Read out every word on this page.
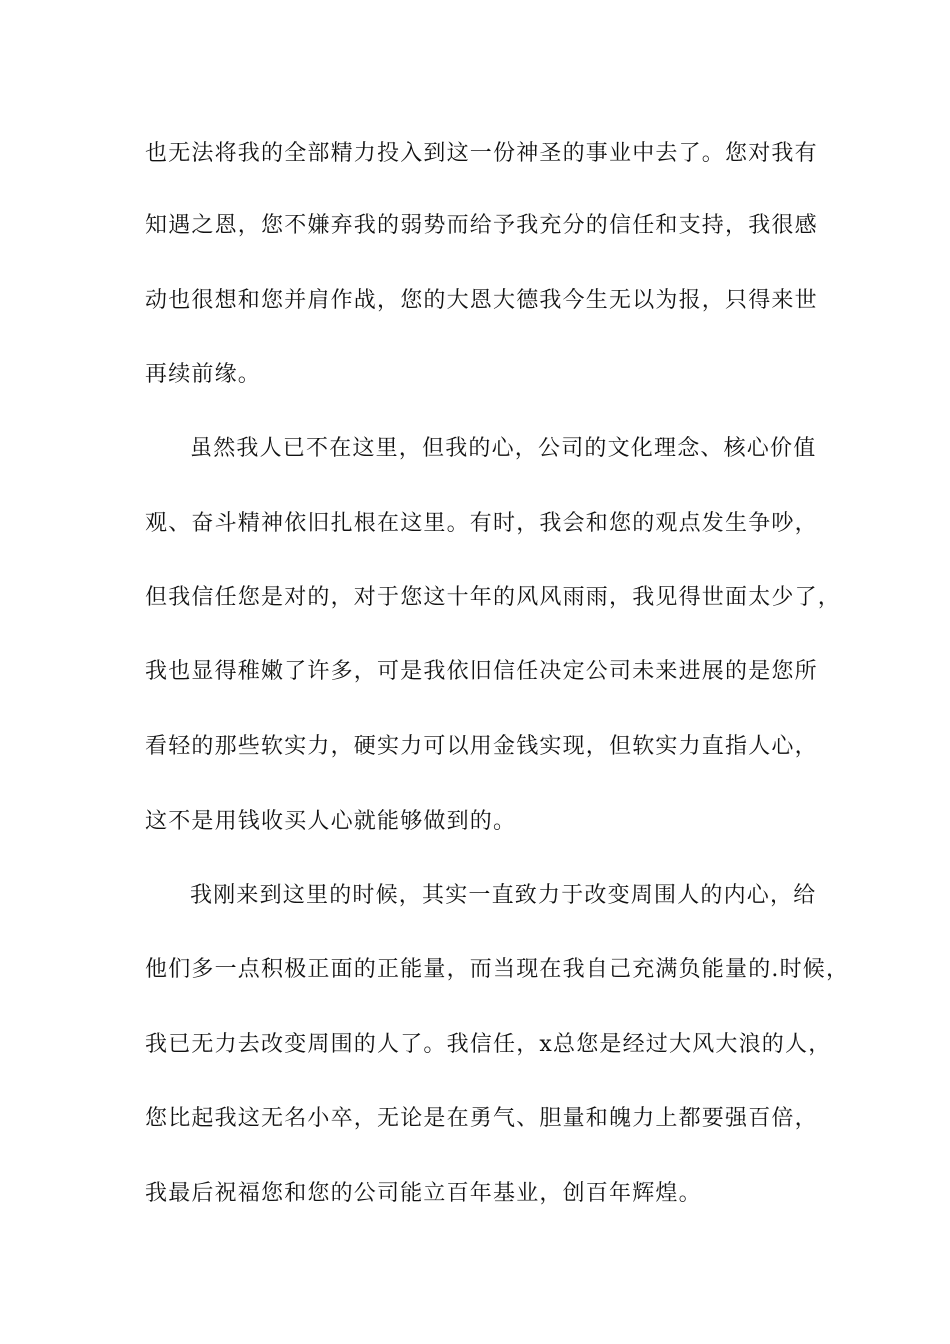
也无法将我的全部精力投入到这一份神圣的事业中去了。您对我有
知遇之恩，您不嫌弃我的弱势而给予我充分的信任和支持，我很感
动也很想和您并肩作战，您的大恩大德我今生无以为报，只得来世
再续前缘。
虽然我人已不在这里，但我的心，公司的文化理念、核心价值
观、奋斗精神依旧扎根在这里。有时，我会和您的观点发生争吵，
但我信任您是对的，对于您这十年的风风雨雨，我见得世面太少了，
我也显得稚嫩了许多，可是我依旧信任决定公司未来进展的是您所
看轻的那些软实力，硬实力可以用金钱实现，但软实力直指人心，
这不是用钱收买人心就能够做到的。
我刚来到这里的时候，其实一直致力于改变周围人的内心，给
他们多一点积极正面的正能量，而当现在我自己充满负能量的.时候，
我已无力去改变周围的人了。我信任，x总您是经过大风大浪的人，
您比起我这无名小卒，无论是在勇气、胆量和魄力上都要强百倍，
我最后祝福您和您的公司能立百年基业，创百年辉煌。
